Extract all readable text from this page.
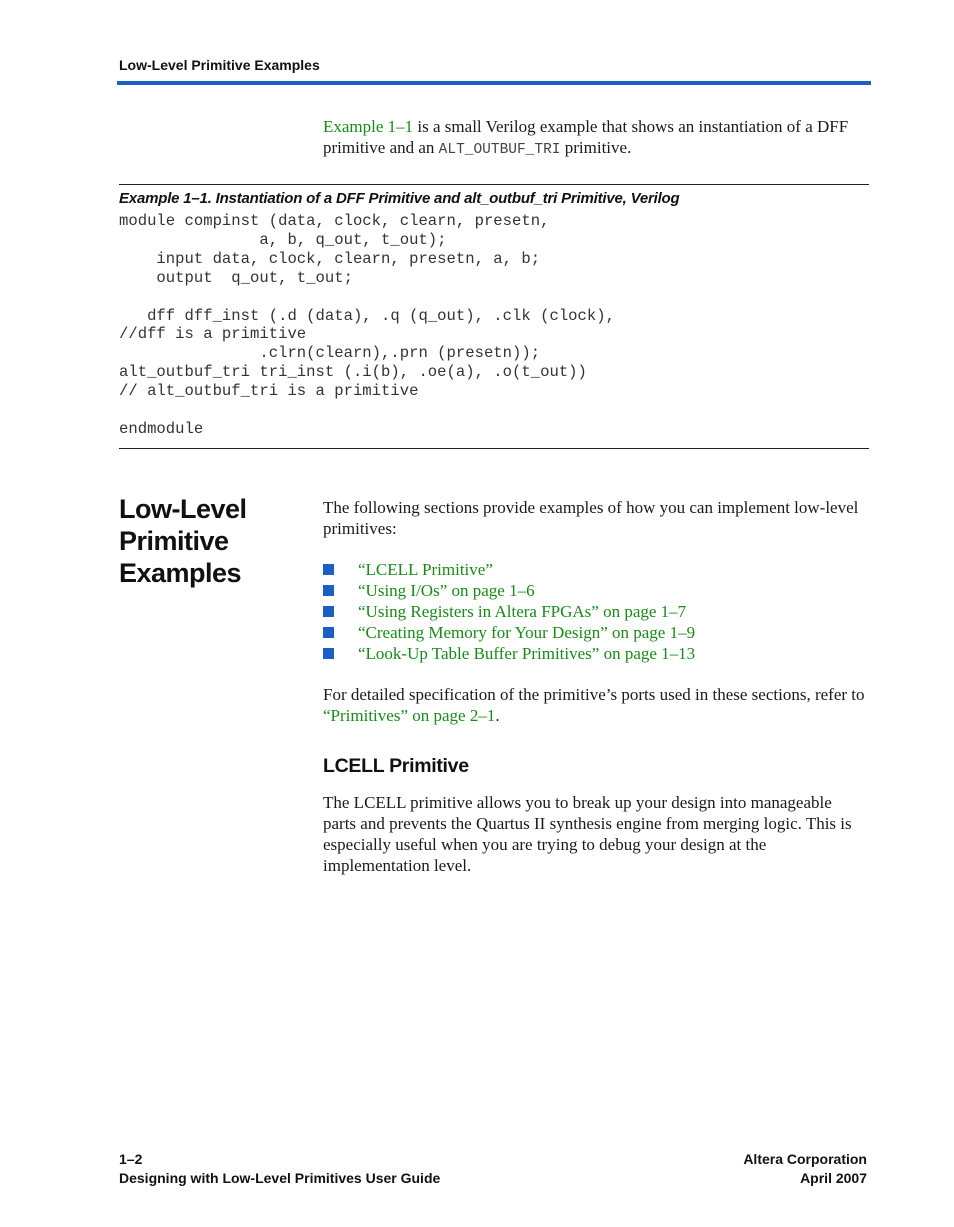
Low-Level Primitive Examples

Example 1–1 is a small Verilog example that shows an instantiation of a DFF primitive and an ALT_OUTBUF_TRI primitive.

Example 1–1. Instantiation of a DFF Primitive and alt_outbuf_tri Primitive, Verilog
module compinst (data, clock, clearn, presetn,
a, b, q_out, t_out);
input data, clock, clearn, presetn, a, b;
output  q_out, t_out;

dff dff_inst (.d (data), .q (q_out), .clk (clock),
//dff is a primitive
.clrn(clearn),.prn (presetn));
alt_outbuf_tri tri_inst (.i(b), .oe(a), .o(t_out))
// alt_outbuf_tri is a primitive

endmodule
Low-Level
Primitive
Examples

The following sections provide examples of how you can implement low-level primitives:

“LCELL Primitive”
“Using I/Os” on page 1–6
“Using Registers in Altera FPGAs” on page 1–7
“Creating Memory for Your Design” on page 1–9
“Look-Up Table Buffer Primitives” on page 1–13

For detailed specification of the primitive’s ports used in these sections, refer to “Primitives” on page 2–1.

LCELL Primitive

The LCELL primitive allows you to break up your design into manageable parts and prevents the Quartus II synthesis engine from merging logic. This is especially useful when you are trying to debug your design at the implementation level.

1–2
Designing with Low-Level Primitives User Guide
Altera Corporation
April 2007
